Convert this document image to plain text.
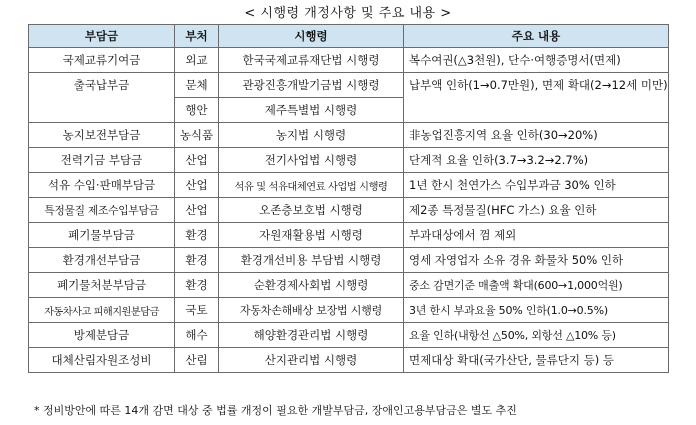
< 시행령 개정사항 및 주요 내용 >
부담금	부처	시행령	주요 내용
국제교류기여금	외교	한국국제교류재단법 시행령	복수여권(△3천원), 단수·여행증명서(면제)
출국납부금	문체	관광진흥개발기금법 시행령	납부액 인하(1→0.7만원), 면제 확대(2→12세 미만)
	행안	제주특별법 시행령	
농지보전부담금	농식품	농지법 시행령	非농업진흥지역 요율 인하(30→20%)
전력기금 부담금	산업	전기사업법 시행령	단계적 요율 인하(3.7→3.2→2.7%)
석유 수입·판매부담금	산업	석유 및 석유대체연료 사업법 시행령	1년 한시 천연가스 수입부과금 30% 인하
특정물질 제조수입부담금	산업	오존층보호법 시행령	제2종 특정물질(HFC 가스) 요율 인하
폐기물부담금	환경	자원재활용법 시행령	부과대상에서 껌 제외
환경개선부담금	환경	환경개선비용 부담법 시행령	영세 자영업자 소유 경유 화물차 50% 인하
폐기물처분부담금	환경	순환경제사회법 시행령	중소 감면기준 매출액 확대(600→1,000억원)
자동차사고 피해지원분담금	국토	자동차손해배상 보장법 시행령	3년 한시 부과요율 50% 인하(1.0→0.5%)
방제분담금	해수	해양환경관리법 시행령	요율 인하(내항선 △50%, 외항선 △10% 등)
대체산림자원조성비	산림	산지관리법 시행령	면제대상 확대(국가산단, 물류단지 등) 등
* 정비방안에 따른 14개 감면 대상 중 법률 개정이 필요한 개발부담금, 장애인고용부담금은 별도 추진
